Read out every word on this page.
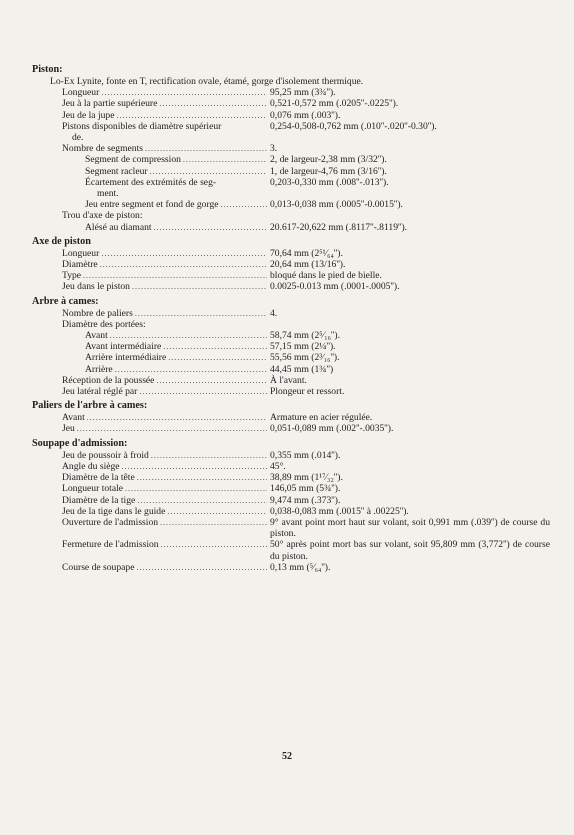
Piston:
Lo-Ex Lynite, fonte en T, rectification ovale, étamé, gorge d'isolement thermique.
Longueur .....	95,25 mm (3¾'').
Jeu à la partie supérieure .....	0,521-0,572 mm (.0205''-.0225'').
Jeu de la jupe .....	0,076 mm (.003'').
Pistons disponibles de diamètre supérieur	0,254-0,508-0,762 mm (.010''-.020''-0.30'').
de.
Nombre de segments .....	3.
Segment de compression .....	2, de largeur-2,38 mm (3/32'').
Segment racleur .....	1, de largeur-4,76 mm (3/16'').
Écartement des extrémités de seg-	0,203-0,330 mm (.008''-.013'').
ment.
Jeu entre segment et fond de gorge .....	0,013-0,038 mm (.0005''-0.0015'').
Trou d'axe de piston:
Alésé au diamant .....	20.617-20,622 mm (.8117''-.8119'').
Axe de piston
Longueur .....	70,64 mm (2⁵¹⁄₆₄'').
Diamètre .....	20,64 mm (13/16'').
Type .....	bloqué dans le pied de bielle.
Jeu dans le piston .....	0.0025-0.013 mm (.0001-.0005'').
Arbre à cames:
Nombre de paliers .....	4.
Diamètre des portées:
Avant .....	58,74 mm (2⁵⁄₁₆'').
Avant intermédiaire .....	57,15 mm (2¼'').
Arrière intermédiaire .....	55,56 mm (2³⁄₁₆'').
Arrière .....	44,45 mm (1¾'')
Réception de la poussée .....	À l'avant.
Jeu latéral réglé par .....	Plongeur et ressort.
Paliers de l'arbre à cames:
Avant .....	Armature en acier régulée.
Jeu .....	0,051-0,089 mm (.002''-.0035'').
Soupape d'admission:
Jeu de poussoir à froid .....	0,355 mm (.014'').
Angle du siège .....	45°.
Diamètre de la tête .....	38,89 mm (1¹⁷⁄₃₂'').
Longueur totale .....	146,05 mm (5¾'').
Diamètre de la tige .....	9,474 mm (.373'').
Jeu de la tige dans le guide .....	0,038-0,083 mm (.0015'' à .00225'').
Ouverture de l'admission .....	9° avant point mort haut sur volant, soit 0,991 mm (.039'') de course du piston.
Fermeture de l'admission .....	50° après point mort bas sur volant, soit 95,809 mm (3,772'') de course du piston.
Course de soupape .....	0,13 mm (⁵⁄₆₄'').
52
